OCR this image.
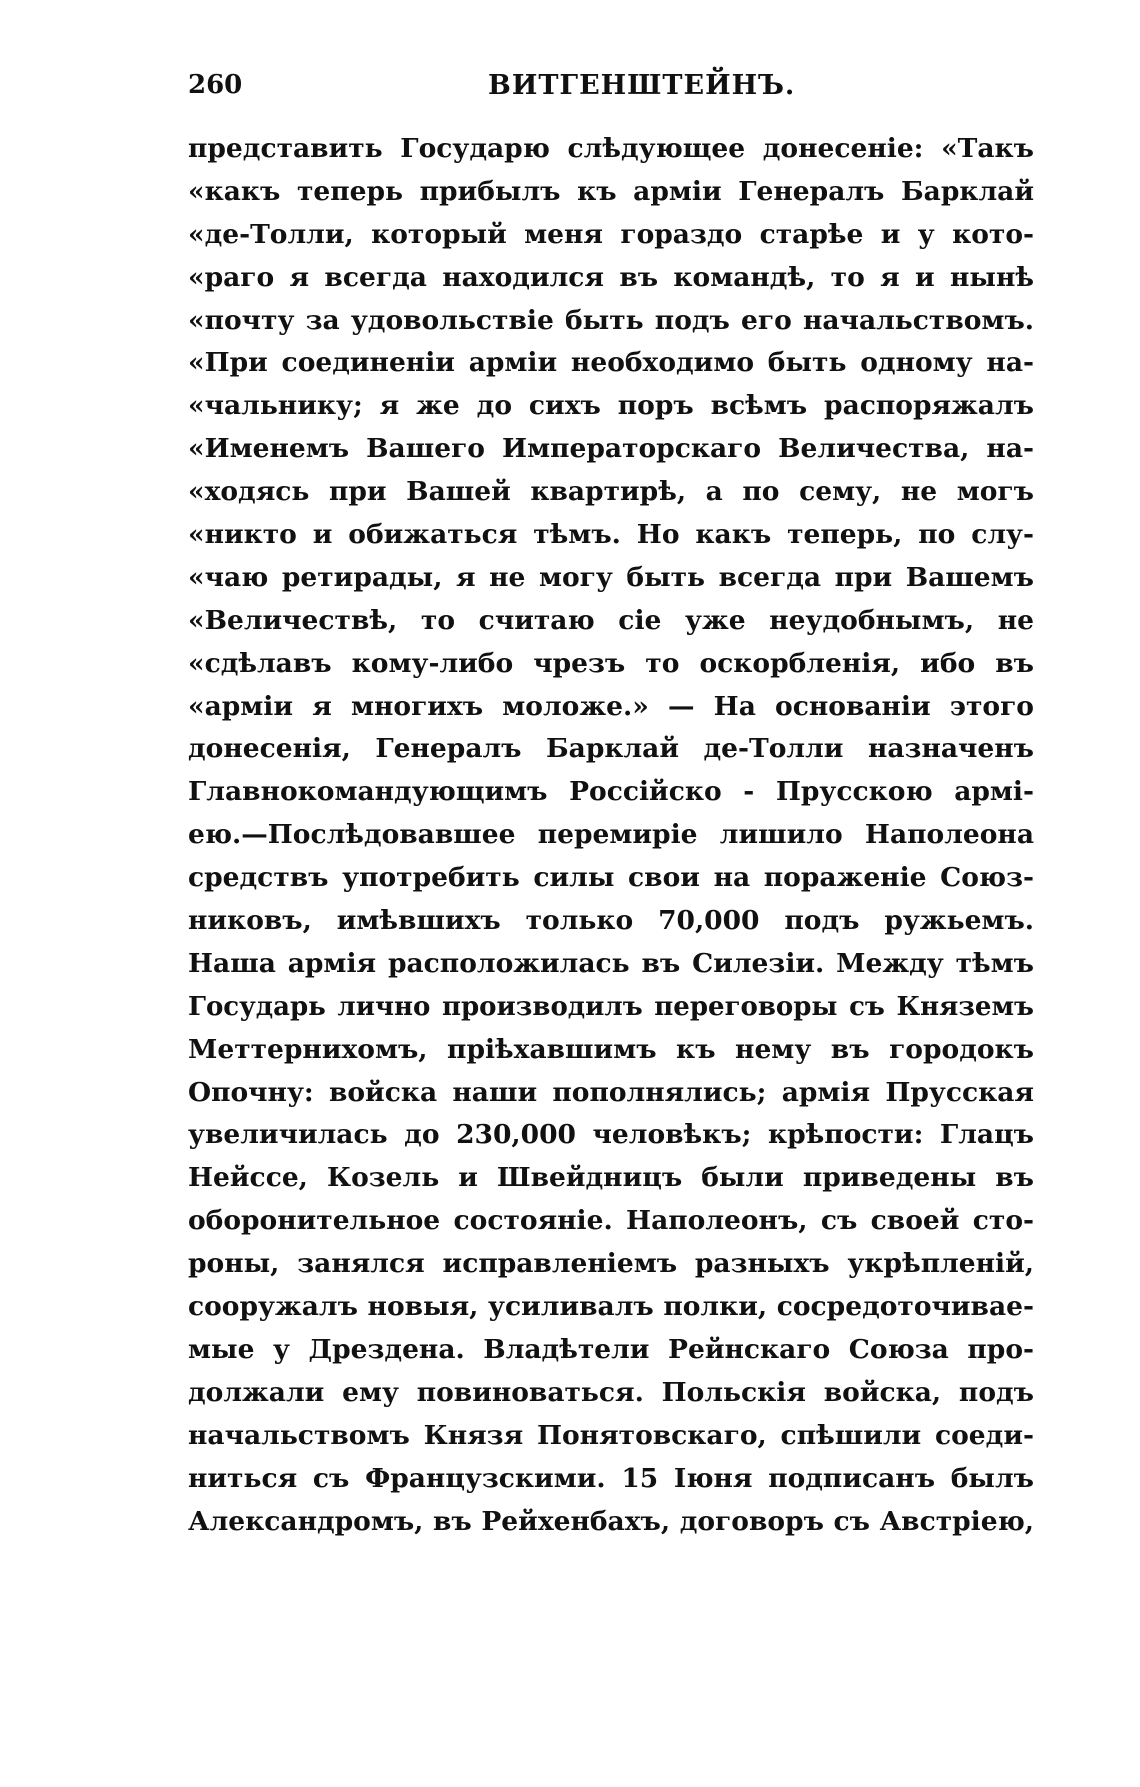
260	ВИТГЕНШТЕЙНЪ.
представить Государю слѣдующее донесенiе: «Такъ
«какъ теперь прибылъ къ армiи Генералъ Барклай
«де-Толли, который меня гораздо старѣе и у кото-
«раго я всегда находился въ командѣ, то я и нынѣ
«почту за удовольствiе быть подъ его начальствомъ.
«При соединенiи армiи необходимо быть одному на-
«чальнику; я же до сихъ поръ всѣмъ распоряжалъ
«Именемъ Вашего Императорскаго Величества, на-
«ходясь при Вашей квартирѣ, а по сему, не могъ
«никто и обижаться тѣмъ. Но какъ теперь, по слу-
«чаю ретирады, я не могу быть всегда при Вашемъ
«Величествѣ, то считаю сiе уже неудобнымъ, не
«сдѣлавъ кому-либо чрезъ то оскорбленiя, ибо въ
«армiи я многихъ моложе.» — На основанiи этого
донесенiя, Генералъ Барклай де-Толли назначенъ
Главнокомандующимъ Россiйско - Прусскою армi-
ею.—Послѣдовавшее перемирiе лишило Наполеона
средствъ употребить силы свои на пораженiе Союз-
никовъ, имѣвшихъ только 70,000 подъ ружьемъ.
Наша армiя расположилась въ Силезiи. Между тѣмъ
Государь лично производилъ переговоры съ Княземъ
Меттернихомъ, прiѣхавшимъ къ нему въ городокъ
Опочну: войска наши пополнялись; армiя Прусская
увеличилась до 230,000 человѣкъ; крѣпости: Глацъ
Нейссе, Козель и Швейдницъ были приведены въ
оборонительное состоянiе. Наполеонъ, съ своей сто-
роны, занялся исправленiемъ разныхъ укрѣпленiй,
сооружалъ новыя, усиливалъ полки, сосредоточивае-
мые у Дрездена. Владѣтели Рейнскаго Союза про-
должали ему повиноваться. Польскiя войска, подъ
начальствомъ Князя Понятовскаго, спѣшили соеди-
ниться съ Французскими. 15 Iюня подписанъ былъ
Александромъ, въ Рейхенбахъ, договоръ съ Австрiею,
